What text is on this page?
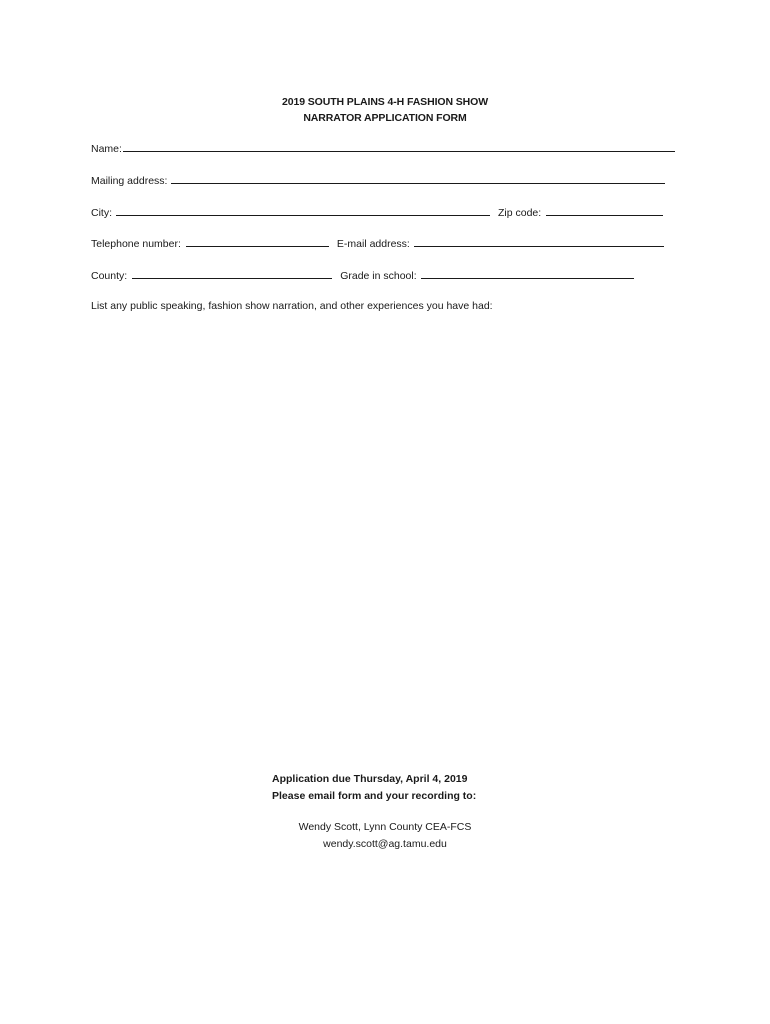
2019 SOUTH PLAINS 4-H FASHION SHOW
NARRATOR APPLICATION FORM
Name:
Mailing address:
City:	Zip code:
Telephone number:	E-mail address:
County:	Grade in school:
List any public speaking, fashion show narration, and other experiences you have had:
Application due Thursday, April 4, 2019
Please email form and your recording to:
Wendy Scott, Lynn County CEA-FCS
wendy.scott@ag.tamu.edu
